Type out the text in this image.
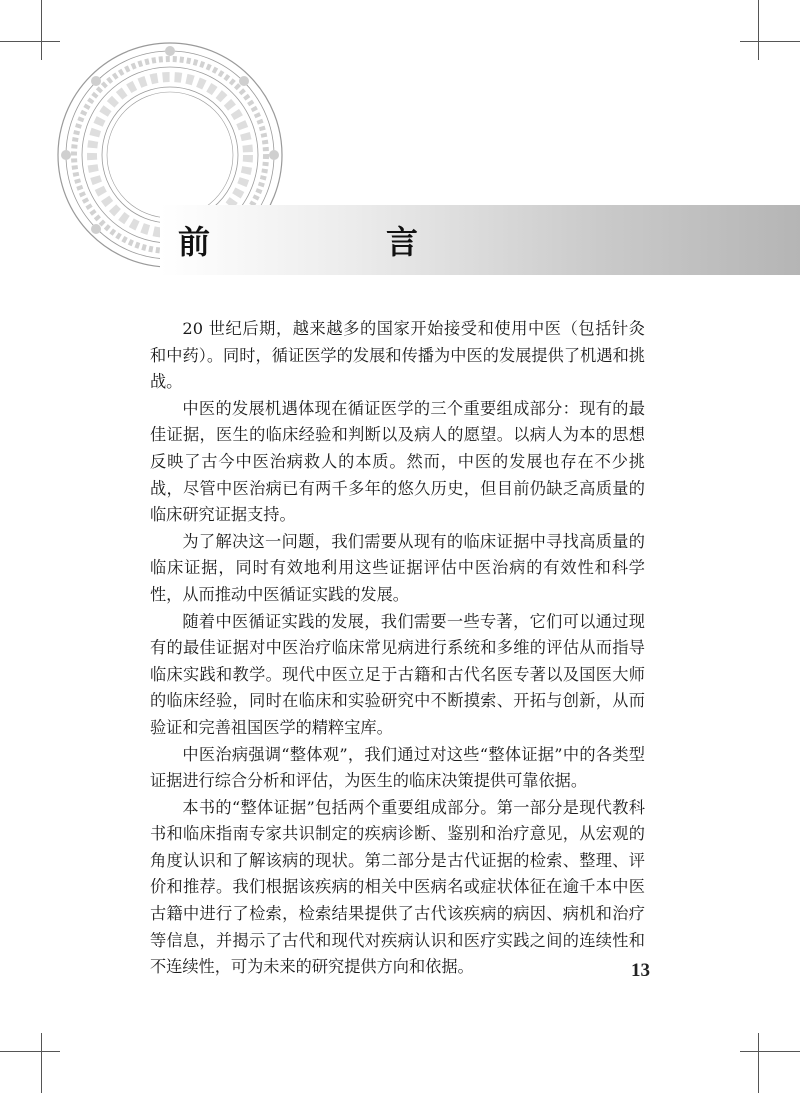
前	言

20 世纪后期，越来越多的国家开始接受和使用中医（包括针灸和中药）。同时，循证医学的发展和传播为中医的发展提供了机遇和挑战。

中医的发展机遇体现在循证医学的三个重要组成部分：现有的最佳证据，医生的临床经验和判断以及病人的愿望。以病人为本的思想反映了古今中医治病救人的本质。然而，中医的发展也存在不少挑战，尽管中医治病已有两千多年的悠久历史，但目前仍缺乏高质量的临床研究证据支持。

为了解决这一问题，我们需要从现有的临床证据中寻找高质量的临床证据，同时有效地利用这些证据评估中医治病的有效性和科学性，从而推动中医循证实践的发展。

随着中医循证实践的发展，我们需要一些专著，它们可以通过现有的最佳证据对中医治疗临床常见病进行系统和多维的评估从而指导临床实践和教学。现代中医立足于古籍和古代名医专著以及国医大师的临床经验，同时在临床和实验研究中不断摸索、开拓与创新，从而验证和完善祖国医学的精粹宝库。

中医治病强调“整体观”，我们通过对这些“整体证据”中的各类型证据进行综合分析和评估，为医生的临床决策提供可靠依据。

本书的“整体证据”包括两个重要组成部分。第一部分是现代教科书和临床指南专家共识制定的疾病诊断、鉴别和治疗意见，从宏观的角度认识和了解该病的现状。第二部分是古代证据的检索、整理、评价和推荐。我们根据该疾病的相关中医病名或症状体征在逾千本中医古籍中进行了检索，检索结果提供了古代该疾病的病因、病机和治疗等信息，并揭示了古代和现代对疾病认识和医疗实践之间的连续性和不连续性，可为未来的研究提供方向和依据。	13
